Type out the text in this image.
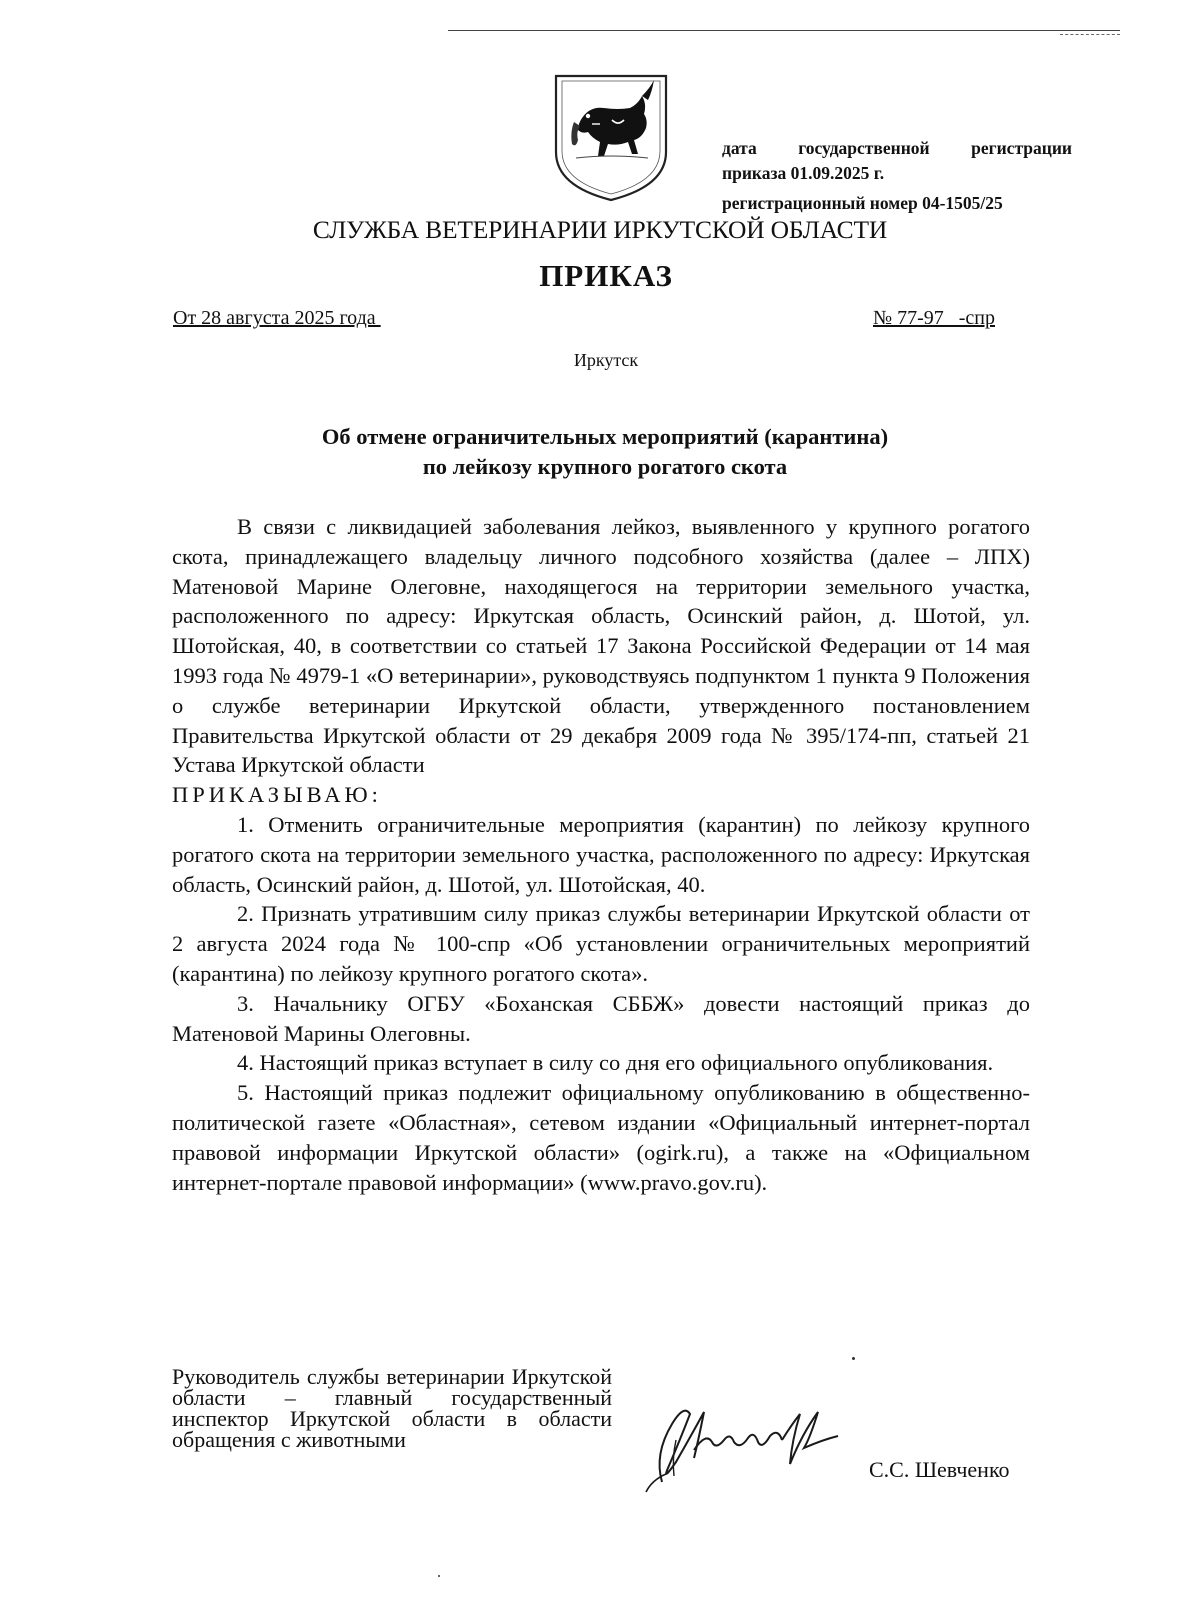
дата государственной регистрации
приказа 01.09.2025 г.
регистрационный номер 04-1505/25
СЛУЖБА ВЕТЕРИНАРИИ ИРКУТСКОЙ ОБЛАСТИ
ПРИКАЗ
От 28 августа 2025 года	№ 77-97   -спр
Иркутск
Об отмене ограничительных мероприятий (карантина)
по лейкозу крупного рогатого скота

В связи с ликвидацией заболевания лейкоз, выявленного у крупного рогатого скота, принадлежащего владельцу личного подсобного хозяйства (далее – ЛПХ) Матеновой Марине Олеговне, находящегося на территории земельного участка, расположенного по адресу: Иркутская область, Осинский район, д. Шотой, ул. Шотойская, 40, в соответствии со статьей 17 Закона Российской Федерации от 14 мая 1993 года № 4979-1 «О ветеринарии», руководствуясь подпунктом 1 пункта 9 Положения о службе ветеринарии Иркутской области, утвержденного постановлением Правительства Иркутской области от 29 декабря 2009 года № 395/174-пп, статьей 21 Устава Иркутской области

ПРИКАЗЫВАЮ:

1. Отменить ограничительные мероприятия (карантин) по лейкозу крупного рогатого скота на территории земельного участка, расположенного по адресу: Иркутская область, Осинский район, д. Шотой, ул. Шотойская, 40.

2. Признать утратившим силу приказ службы ветеринарии Иркутской области от 2 августа 2024 года № 100-спр «Об установлении ограничительных мероприятий (карантина) по лейкозу крупного рогатого скота».

3. Начальнику ОГБУ «Боханская СББЖ» довести настоящий приказ до Матеновой Марины Олеговны.

4. Настоящий приказ вступает в силу со дня его официального опубликования.

5. Настоящий приказ подлежит официальному опубликованию в общественно-политической газете «Областная», сетевом издании «Официальный интернет-портал правовой информации Иркутской области» (ogirk.ru), а также на «Официальном интернет-портале правовой информации» (www.pravo.gov.ru).

Руководитель службы ветеринарии Иркутской области – главный государственный инспектор Иркутской области в области обращения с животными
С.С. Шевченко
